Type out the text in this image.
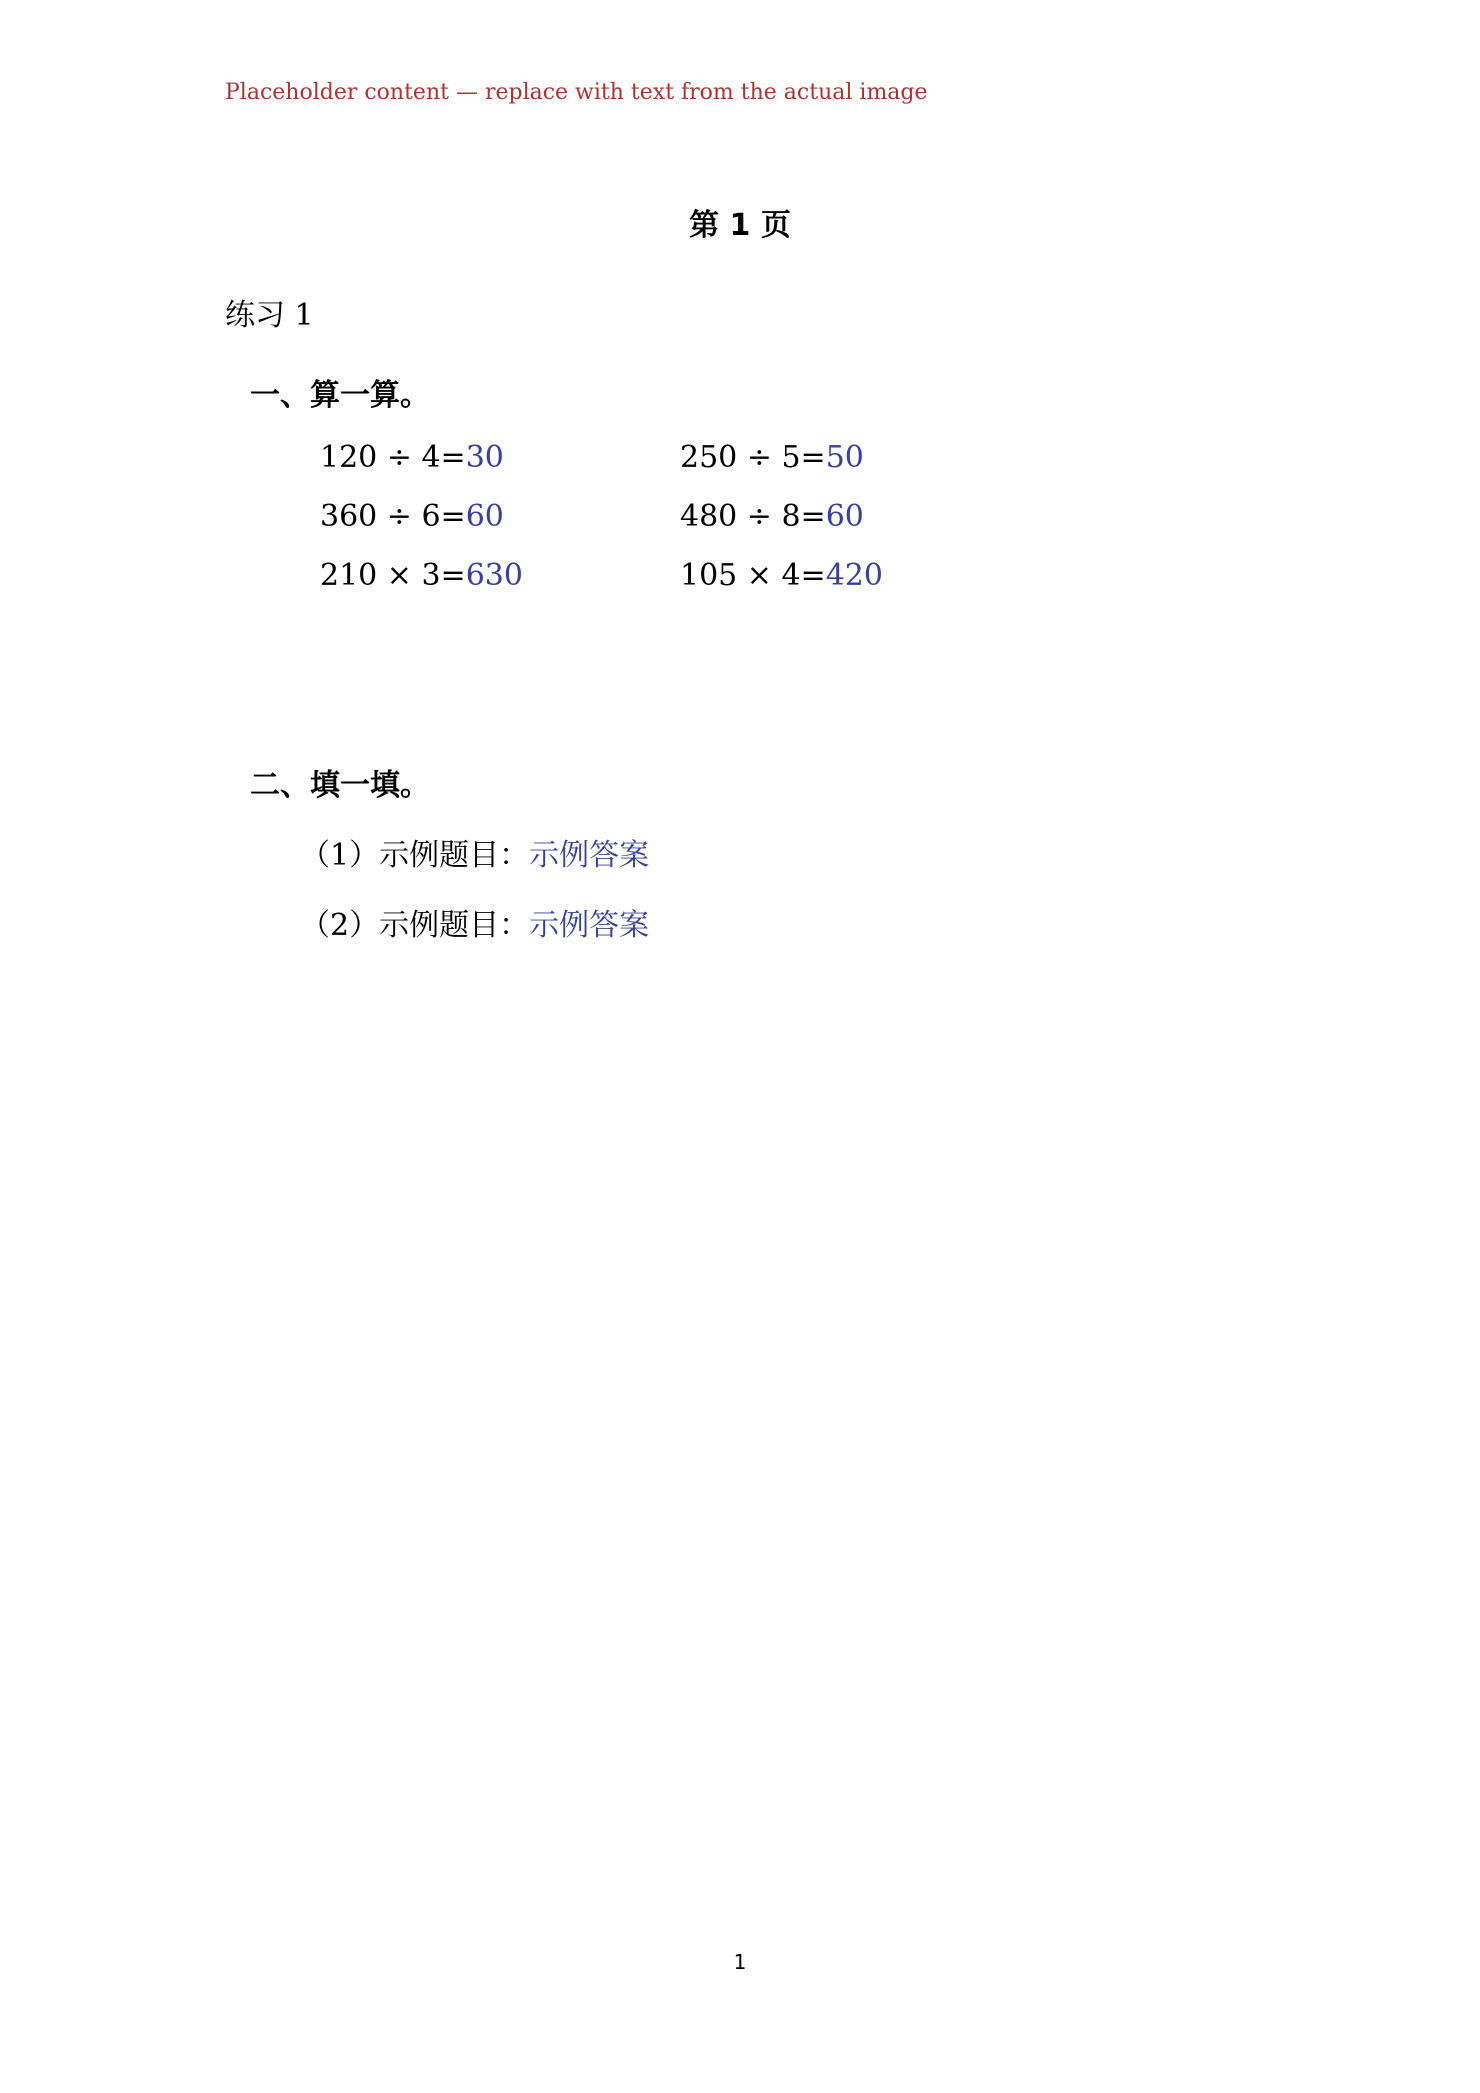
Placeholder content — replace with text from the actual image
第 1 页
练习 1
一、算一算。
120 ÷ 4=30	250 ÷ 5=50
360 ÷ 6=60	480 ÷ 8=60
210 × 3=630	105 × 4=420
二、填一填。
（1）示例题目：示例答案
（2）示例题目：示例答案
1
